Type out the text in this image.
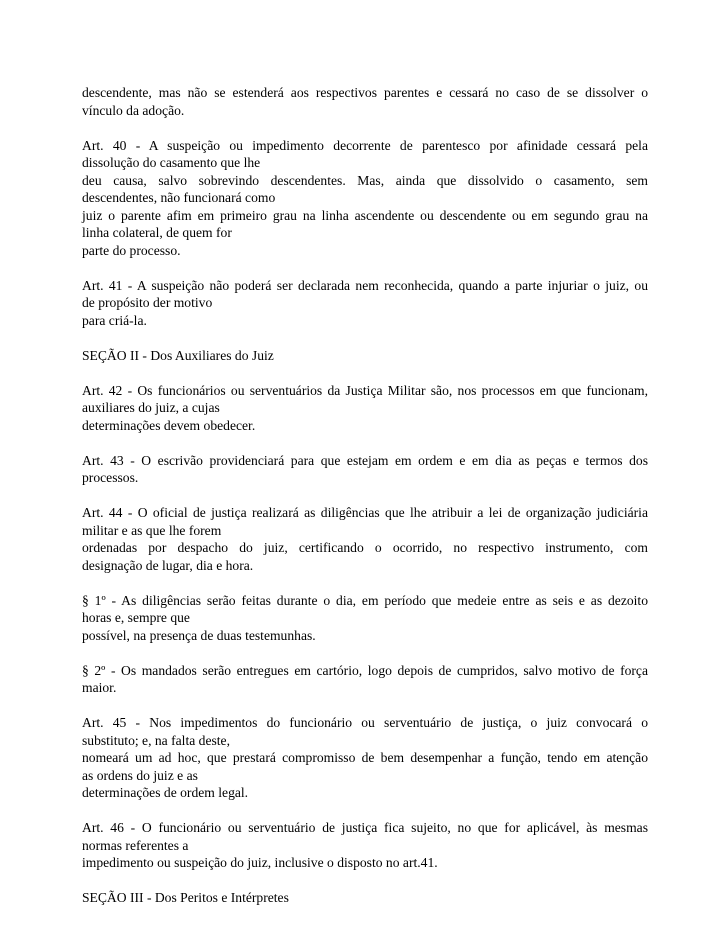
descendente, mas não se estenderá aos respectivos parentes e cessará no caso de se dissolver o
vínculo da adoção.
Art. 40 - A suspeição ou impedimento decorrente de parentesco por afinidade cessará pela
dissolução do casamento que lhe
deu causa, salvo sobrevindo descendentes. Mas, ainda que dissolvido o casamento, sem
descendentes, não funcionará como
juiz o parente afim em primeiro grau na linha ascendente ou descendente ou em segundo grau na
linha colateral, de quem for
parte do processo.
Art. 41 - A suspeição não poderá ser declarada nem reconhecida, quando a parte injuriar o juiz, ou
de propósito der motivo
para criá-la.
SEÇÃO II - Dos Auxiliares do Juiz
Art. 42 - Os funcionários ou serventuários da Justiça Militar são, nos processos em que funcionam,
auxiliares do juiz, a cujas
determinações devem obedecer.
Art. 43 - O escrivão providenciará para que estejam em ordem e em dia as peças e termos dos
processos.
Art. 44 - O oficial de justiça realizará as diligências que lhe atribuir a lei de organização judiciária
militar e as que lhe forem
ordenadas por despacho do juiz, certificando o ocorrido, no respectivo instrumento, com
designação de lugar, dia e hora.
§ 1º - As diligências serão feitas durante o dia, em período que medeie entre as seis e as dezoito
horas e, sempre que
possível, na presença de duas testemunhas.
§ 2º - Os mandados serão entregues em cartório, logo depois de cumpridos, salvo motivo de força
maior.
Art. 45 - Nos impedimentos do funcionário ou serventuário de justiça, o juiz convocará o
substituto; e, na falta deste,
nomeará um ad hoc, que prestará compromisso de bem desempenhar a função, tendo em atenção
as ordens do juiz e as
determinações de ordem legal.
Art. 46 - O funcionário ou serventuário de justiça fica sujeito, no que for aplicável, às mesmas
normas referentes a
impedimento ou suspeição do juiz, inclusive o disposto no art.41.
SEÇÃO III - Dos Peritos e Intérpretes
